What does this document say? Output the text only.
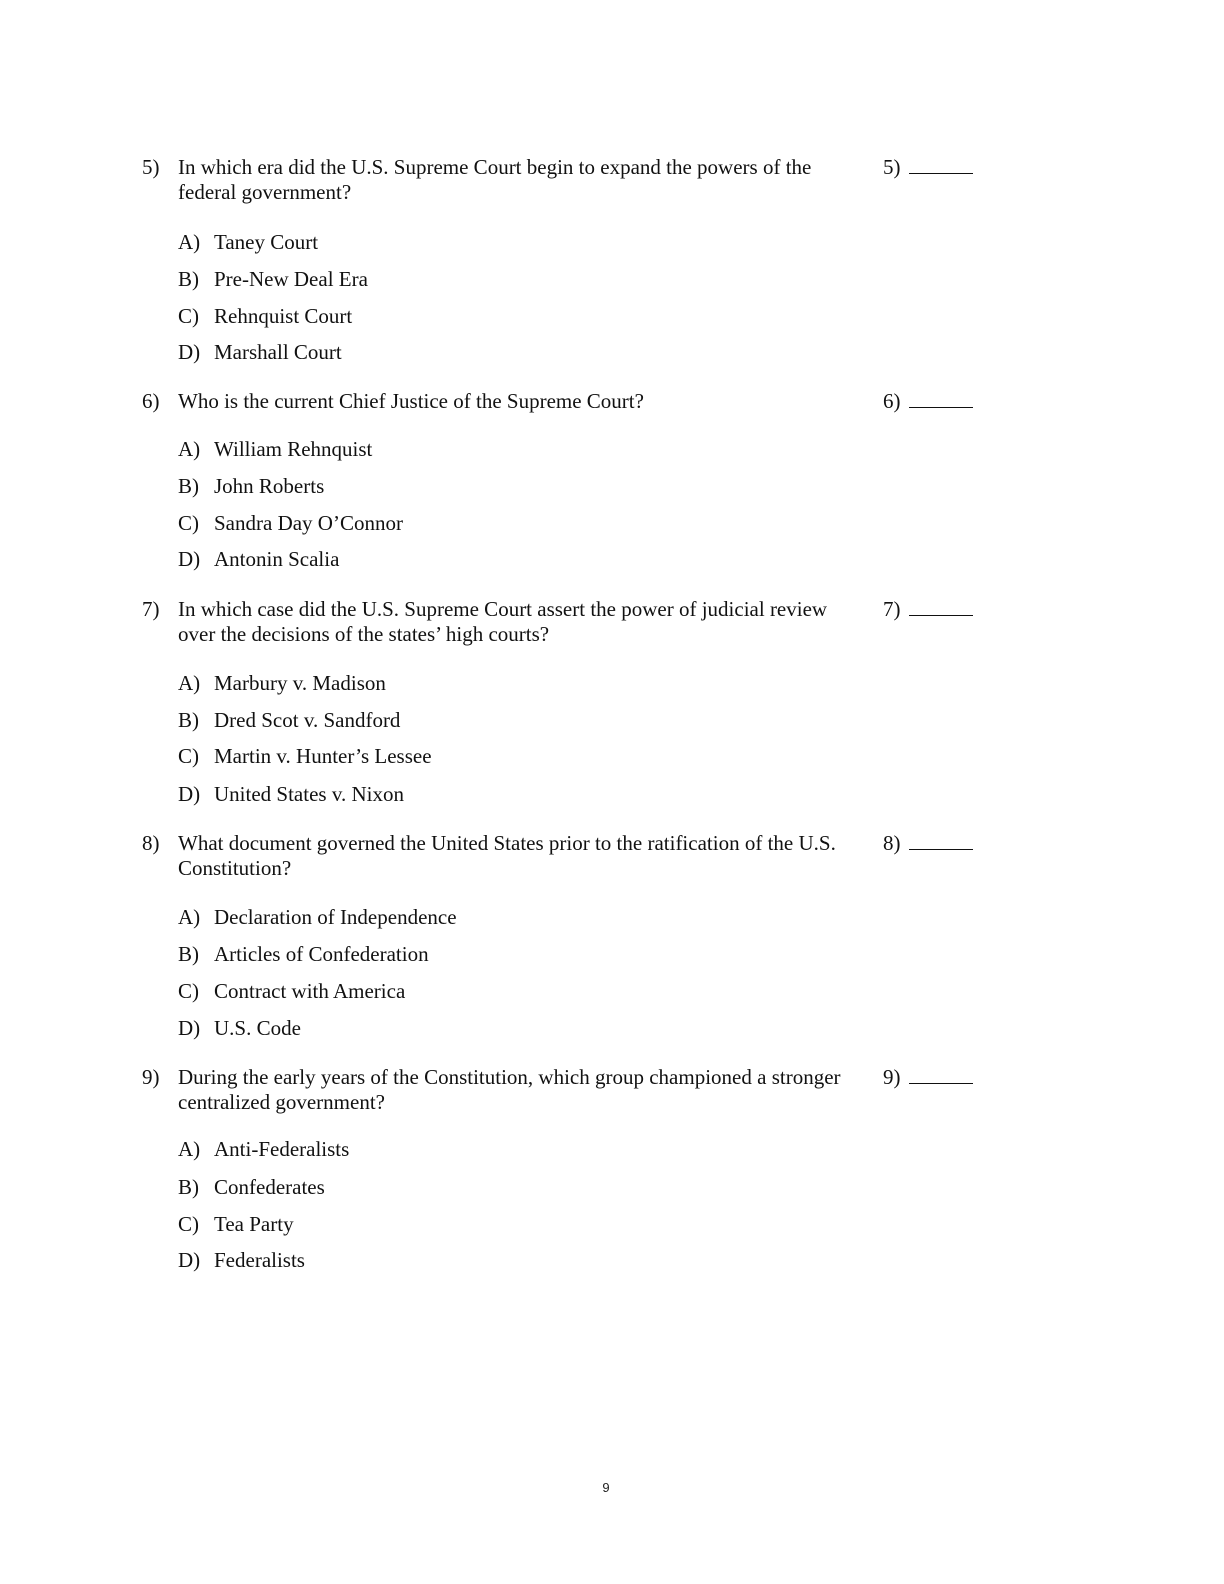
5) In which era did the U.S. Supreme Court begin to expand the powers of the federal government?
5)
A) Taney Court
B) Pre-New Deal Era
C) Rehnquist Court
D) Marshall Court
6) Who is the current Chief Justice of the Supreme Court?	6)
A) William Rehnquist
B) John Roberts
C) Sandra Day O’Connor
D) Antonin Scalia
7) In which case did the U.S. Supreme Court assert the power of judicial review over the decisions of the states’ high courts?
7)
A) Marbury v. Madison
B) Dred Scot v. Sandford
C) Martin v. Hunter’s Lessee
D) United States v. Nixon
8) What document governed the United States prior to the ratification of the U.S. Constitution?
8)
A) Declaration of Independence
B) Articles of Confederation
C) Contract with America
D) U.S. Code
9) During the early years of the Constitution, which group championed a stronger centralized government?
9)
A) Anti-Federalists
B) Confederates
C) Tea Party
D) Federalists
9
